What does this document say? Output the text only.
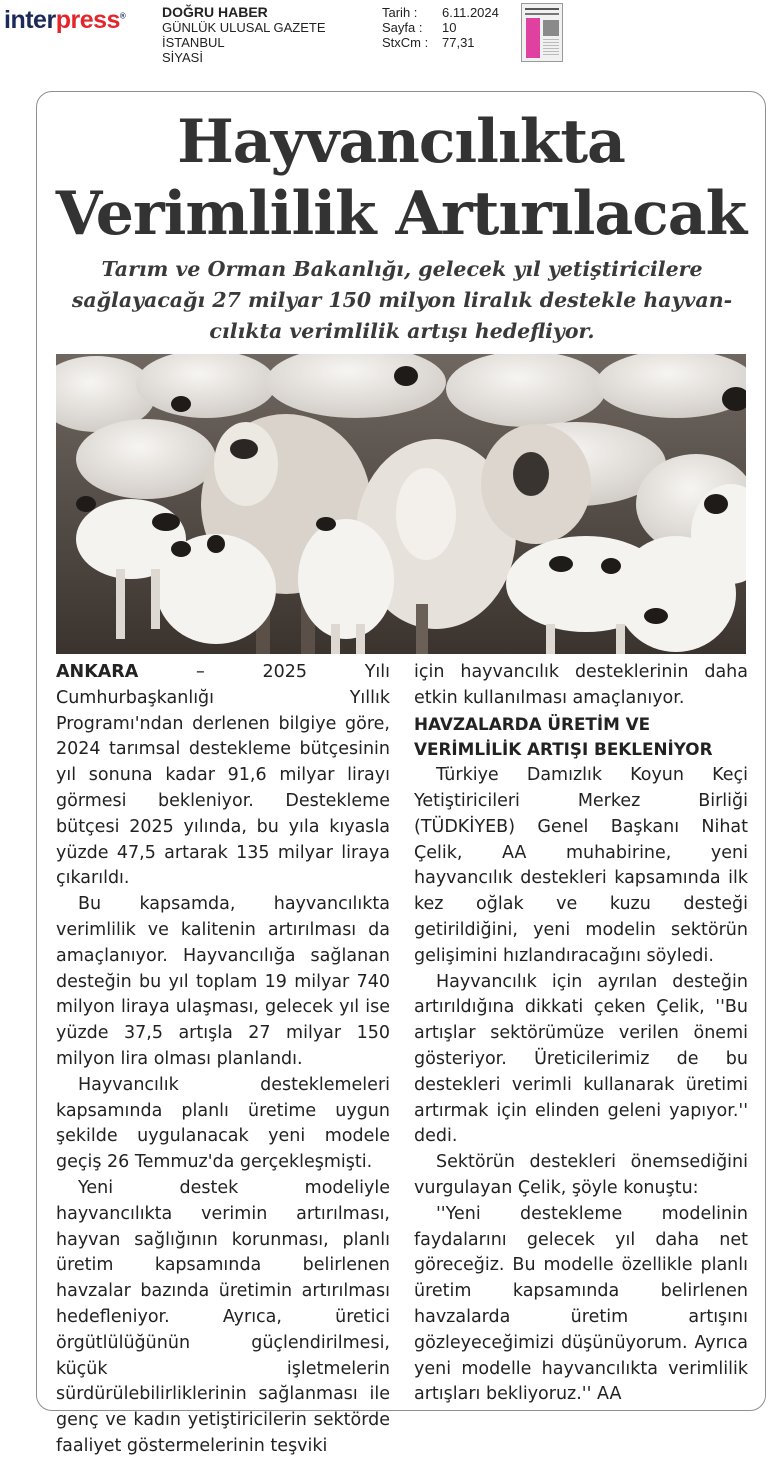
interpress®	DOĞRU HABER
GÜNLÜK ULUSAL GAZETE
İSTANBUL
SİYASİ
Tarih :	6.11.2024
Sayfa :	10
StxCm :	77,31
Hayvancılıkta
Verimlilik Artırılacak
Tarım ve Orman Bakanlığı, gelecek yıl yetiştiricilere
sağlayacağı 27 milyar 150 milyon liralık destekle hayvan-
cılıkta verimlilik artışı hedefliyor.

ANKARA – 2025 Yılı Cumhurbaşkanlığı Yıllık Programı'ndan derlenen bilgiye göre, 2024 tarımsal destekleme bütçesinin yıl sonuna kadar 91,6 milyar lirayı görmesi bekleniyor. Destekleme bütçesi 2025 yılında, bu yıla kıyasla yüzde 47,5 artarak 135 milyar liraya çıkarıldı.

Bu kapsamda, hayvancılıkta verimlilik ve kalitenin artırılması da amaçlanıyor. Hayvancılığa sağlanan desteğin bu yıl toplam 19 milyar 740 milyon liraya ulaşması, gelecek yıl ise yüzde 37,5 artışla 27 milyar 150 milyon lira olması planlandı.

Hayvancılık desteklemeleri kapsamında planlı üretime uygun şekilde uygulanacak yeni modele geçiş 26 Temmuz'da gerçekleşmişti.

Yeni destek modeliyle hayvancılıkta verimin artırılması, hayvan sağlığının korunması, planlı üretim kapsamında belirlenen havzalar bazında üretimin artırılması hedefleniyor. Ayrıca, üretici örgütlülüğünün güçlendirilmesi, küçük işletmelerin sürdürülebilirliklerinin sağlanması ile genç ve kadın yetiştiricilerin sektörde faaliyet göstermelerinin teşviki

için hayvancılık desteklerinin daha etkin kullanılması amaçlanıyor.

HAVZALARDA ÜRETİM VE
VERİMLİLİK ARTIŞI BEKLENİYOR

Türkiye Damızlık Koyun Keçi Yetiştiricileri Merkez Birliği (TÜDKİYEB) Genel Başkanı Nihat Çelik, AA muhabirine, yeni hayvancılık destekleri kapsamında ilk kez oğlak ve kuzu desteği getirildiğini, yeni modelin sektörün gelişimini hızlandıracağını söyledi.

Hayvancılık için ayrılan desteğin artırıldığına dikkati çeken Çelik, ''Bu artışlar sektörümüze verilen önemi gösteriyor. Üreticilerimiz de bu destekleri verimli kullanarak üretimi artırmak için elinden geleni yapıyor.'' dedi.

Sektörün destekleri önemsediğini vurgulayan Çelik, şöyle konuştu:

''Yeni destekleme modelinin faydalarını gelecek yıl daha net göreceğiz. Bu modelle özellikle planlı üretim kapsamında belirlenen havzalarda üretim artışını gözleyeceğimizi düşünüyorum. Ayrıca yeni modelle hayvancılıkta verimlilik artışları bekliyoruz.'' AA
